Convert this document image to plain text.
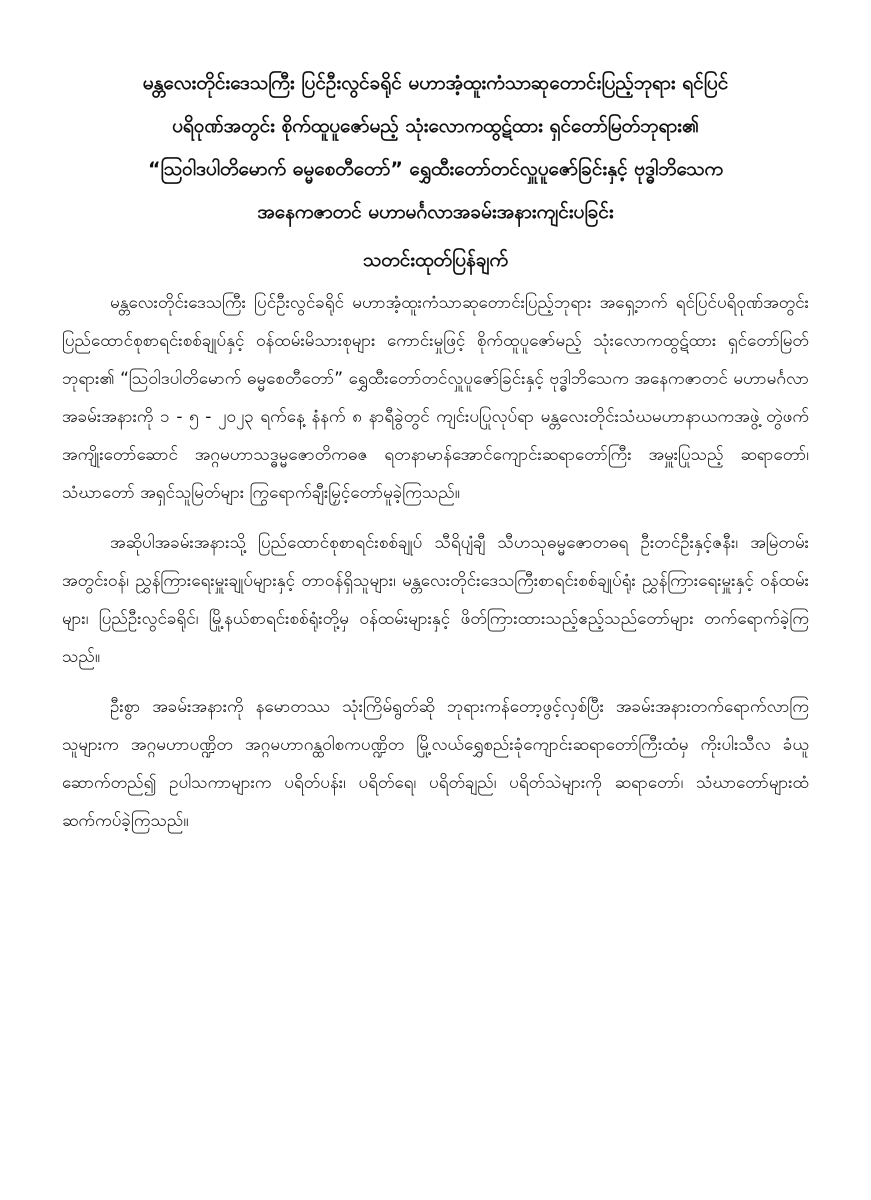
မန္တလေးတိုင်းဒေသကြီး ပြင်ဦးလွင်ခရိုင် မဟာအံ့ထူးကံသာဆုတောင်းပြည့်ဘုရား ရင်ပြင်

ပရိဝုဏ်အတွင်း စိုက်ထူပူဇော်မည့် သုံးလောကထွဋ်ထား ရှင်တော်မြတ်ဘုရား၏

“ဩဝါဒပါတိမောက် ဓမ္မစေတီတော်” ရွှေထီးတော်တင်လှူပူဇော်ခြင်းနှင့် ဗုဒ္ဓါဘိသေက

အနေကဇာတင် မဟာမင်္ဂလာအခမ်းအနားကျင်းပခြင်း

သတင်းထုတ်ပြန်ချက်

မန္တလေးတိုင်းဒေသကြီး ပြင်ဦးလွင်ခရိုင် မဟာအံ့ထူးကံသာဆုတောင်းပြည့်ဘုရား အရှေ့ဘက် ရင်ပြင်ပရိဝုဏ်အတွင်း ပြည်ထောင်စုစာရင်းစစ်ချုပ်နှင့် ဝန်ထမ်းမိသားစုများ ကောင်းမှုဖြင့် စိုက်ထူပူဇော်မည့် သုံးလောကထွဋ်ထား ရှင်တော်မြတ်ဘုရား၏ “ဩဝါဒပါတိမောက် ဓမ္မစေတီတော်” ရွှေထီးတော်တင်လှူပူဇော်ခြင်းနှင့် ဗုဒ္ဓါဘိသေက အနေကဇာတင် မဟာမင်္ဂလာ အခမ်းအနားကို ၁ - ၅ - ၂၀၂၃ ရက်နေ့ နံနက် ၈ နာရီခွဲတွင် ကျင်းပပြုလုပ်ရာ မန္တလေးတိုင်းသံဃမဟာနာယကအဖွဲ့ တွဲဖက်အကျိုးတော်ဆောင် အဂ္ဂမဟာသဒ္ဓမ္မဇောတိကဓဇ ရတနာမာန်အောင်ကျောင်းဆရာတော်ကြီး အမှူးပြုသည့် ဆရာတော်၊ သံဃာတော် အရှင်သူမြတ်များ ကြွရောက်ချီးမြှင့်တော်မူခဲ့ကြသည်။

အဆိုပါအခမ်းအနားသို့ ပြည်ထောင်စုစာရင်းစစ်ချုပ် သီရိပျံချီ သီဟသုဓမ္မဇောတဓရ ဦးတင်ဦးနှင့်ဇနီး၊ အမြဲတမ်းအတွင်းဝန်၊ ညွှန်ကြားရေးမှူးချုပ်များနှင့် တာဝန်ရှိသူများ၊ မန္တလေးတိုင်းဒေသကြီးစာရင်းစစ်ချုပ်ရုံး ညွှန်ကြားရေးမှူးနှင့် ဝန်ထမ်းများ၊ ပြည်ဦးလွင်ခရိုင်၊ မြို့နယ်စာရင်းစစ်ရုံးတို့မှ ဝန်ထမ်းများနှင့် ဖိတ်ကြားထားသည့်ဧည့်သည်တော်များ တက်ရောက်ခဲ့ကြသည်။

ဦးစွာ အခမ်းအနားကို နမောတဿ သုံးကြိမ်ရွတ်ဆို ဘုရားကန်တော့ဖွင့်လှစ်ပြီး အခမ်းအနားတက်ရောက်လာကြသူများက အဂ္ဂမဟာပဏ္ဍိတ အဂ္ဂမဟာဂန္ထဝါစကပဏ္ဍိတ မြို့လယ်ရွှေစည်းခုံကျောင်းဆရာတော်ကြီးထံမှ ကိုးပါးသီလ ခံယူဆောက်တည်၍ ဥပါသကာများက ပရိတ်ပန်း၊ ပရိတ်ရေ၊ ပရိတ်ချည်၊ ပရိတ်သဲများကို ဆရာတော်၊ သံဃာတော်များထံ ဆက်ကပ်ခဲ့ကြသည်။
